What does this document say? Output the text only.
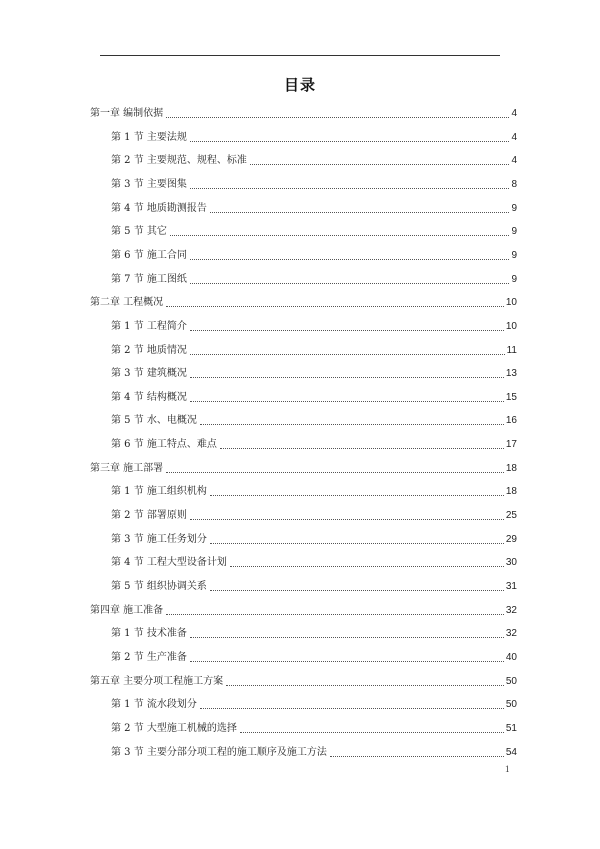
目录
第一章 编制依据	4
第 1 节 主要法规	4
第 2 节 主要规范、规程、标准	4
第 3 节 主要图集	8
第 4 节 地质勘测报告	9
第 5 节 其它	9
第 6 节 施工合同	9
第 7 节 施工图纸	9
第二章 工程概况	10
第 1 节 工程简介	10
第 2 节 地质情况	11
第 3 节 建筑概况	13
第 4 节 结构概况	15
第 5 节 水、电概况	16
第 6 节 施工特点、难点	17
第三章 施工部署	18
第 1 节 施工组织机构	18
第 2 节 部署原则	25
第 3 节 施工任务划分	29
第 4 节 工程大型设备计划	30
第 5 节 组织协调关系	31
第四章 施工准备	32
第 1 节 技术准备	32
第 2 节 生产准备	40
第五章 主要分项工程施工方案	50
第 1 节 流水段划分	50
第 2 节 大型施工机械的选择	51
第 3 节 主要分部分项工程的施工顺序及施工方法	54
1
